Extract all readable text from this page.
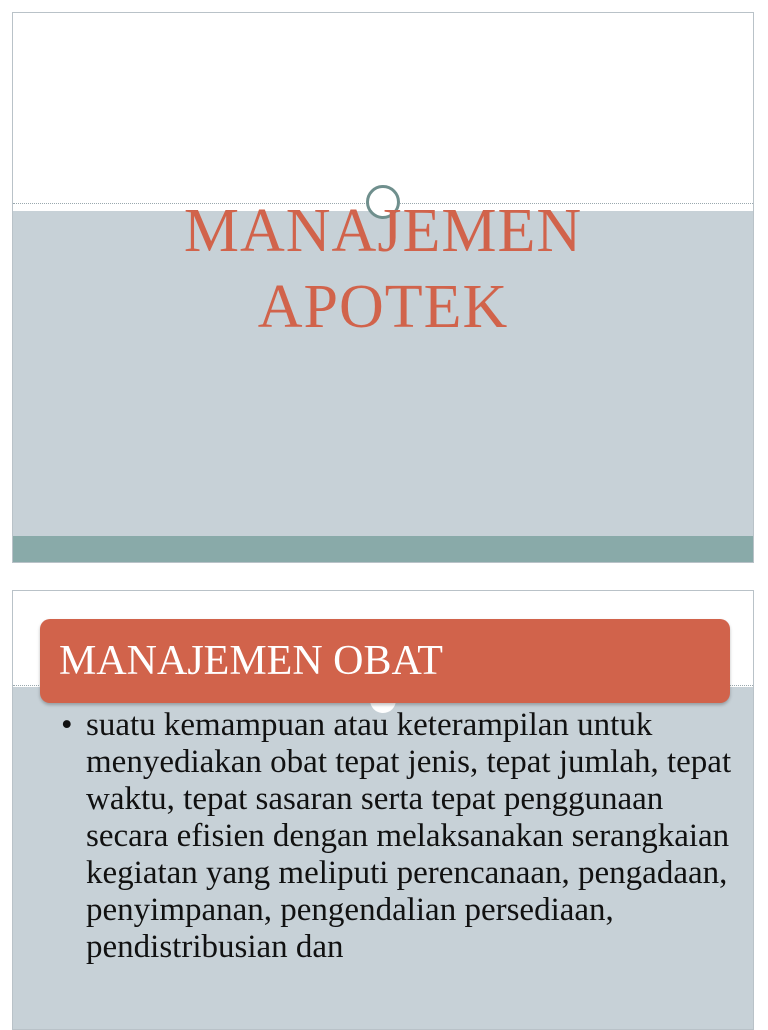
MANAJEMEN
APOTEK
MANAJEMEN OBAT
• suatu kemampuan atau keterampilan untuk menyediakan obat tepat jenis, tepat jumlah, tepat waktu, tepat sasaran serta tepat penggunaan secara efisien dengan melaksanakan serangkaian kegiatan yang meliputi perencanaan, pengadaan, penyimpanan, pengendalian persediaan, pendistribusian dan
